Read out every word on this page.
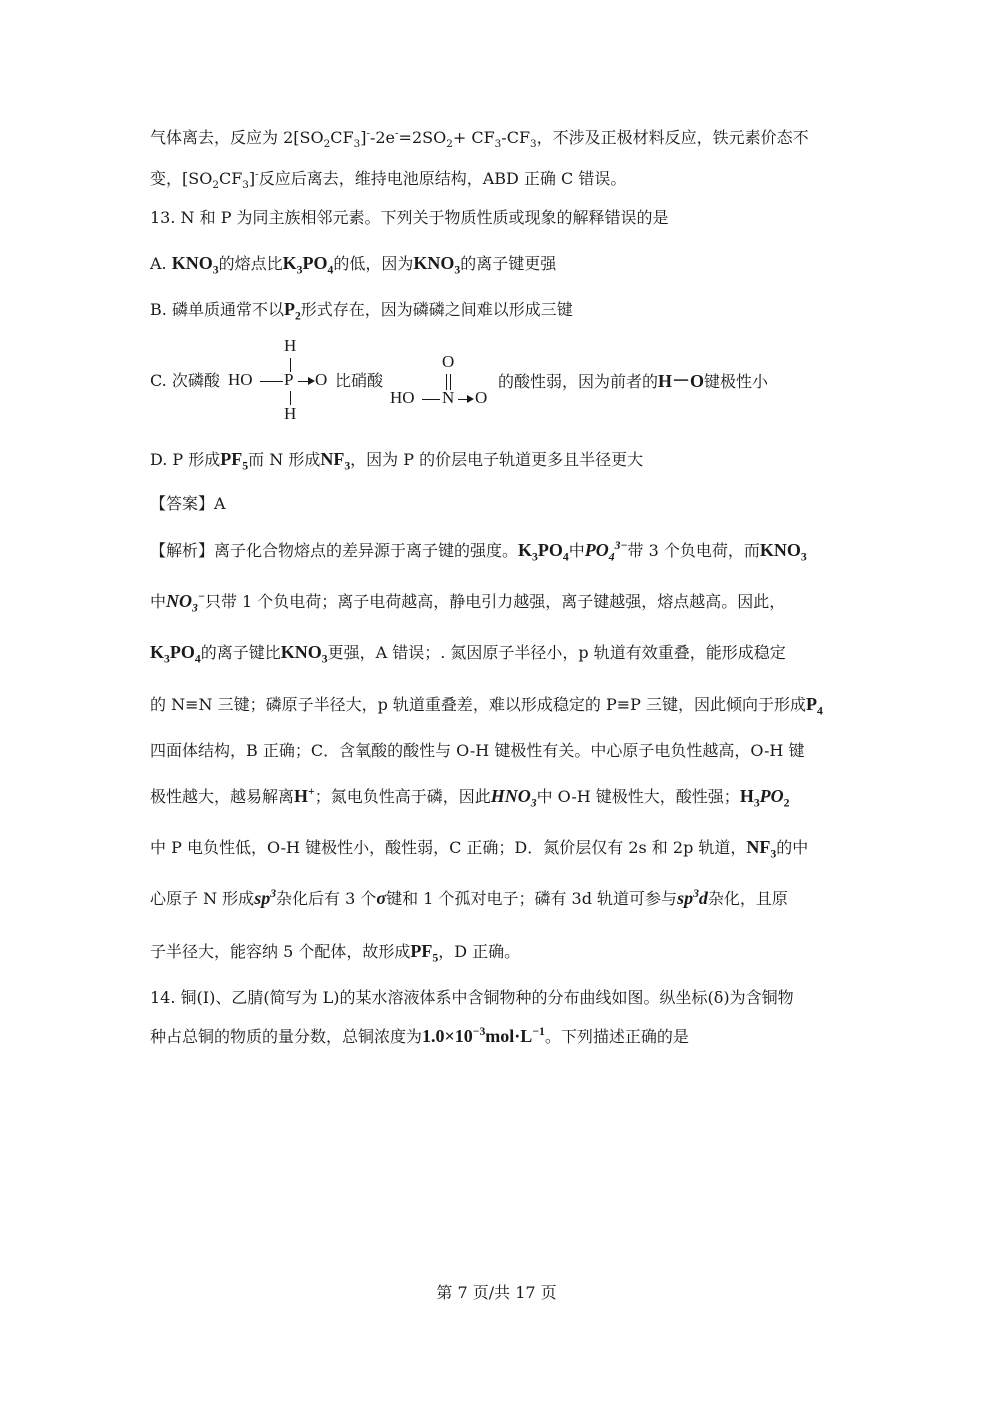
气体离去，反应为 $2[SO_2CF_3]^--2e^-=2SO_2+ CF_3-CF_3$，不涉及正极材料反应，铁元素价态不
变，$[SO_2CF_3]^-$反应后离去，维持电池原结构，ABD 正确 C 错误。
13. N 和 P 为同主族相邻元素。下列关于物质性质或现象的解释错误的是
A. $KNO_3$的熔点比$K_3PO_4$的低，因为$KNO_3$的离子键更强
B. 磷单质通常不以$P_2$形式存在，因为磷磷之间难以形成三键
C. 次磷酸
H
HO P O
H
比硝酸
O
HO N O
的酸性弱，因为前者的H－O键极性小
D. P 形成$PF_5$而 N 形成$NF_3$，因为 P 的价层电子轨道更多且半径更大
【答案】A
【解析】离子化合物熔点的差异源于离子键的强度。$K_3PO_4$中$PO_4^{3-}$带 3 个负电荷，而$KNO_3$
中$NO_3^-$只带 1 个负电荷；离子电荷越高，静电引力越强，离子键越强，熔点越高。因此，
$K_3PO_4$的离子键比$KNO_3$更强，A 错误；. 氮因原子半径小，p 轨道有效重叠，能形成稳定
的 N≡N 三键；磷原子半径大，p 轨道重叠差，难以形成稳定的 P≡P 三键，因此倾向于形成$P_4$
四面体结构，B 正确；C．含氧酸的酸性与 O-H 键极性有关。中心原子电负性越高，O-H 键
极性越大，越易解离H+；氮电负性高于磷，因此$HNO_3$中 O-H 键极性大，酸性强；$H_3PO_2$
中 P 电负性低，O-H 键极性小，酸性弱，C 正确；D．氮价层仅有 2s 和 2p 轨道，$NF_3$的中
心原子 N 形成$sp^3$杂化后有 3 个σ键和 1 个孤对电子；磷有 3d 轨道可参与$sp^3d$杂化，且原
子半径大，能容纳 5 个配体，故形成$PF_5$，D 正确。
14. 铜(I)、乙腈(简写为 L)的某水溶液体系中含铜物种的分布曲线如图。纵坐标(δ)为含铜物
种占总铜的物质的量分数，总铜浓度为$1.0\times 10^{-3}mol\cdot L^{-1}$。下列描述正确的是
第 7 页/共 17 页
